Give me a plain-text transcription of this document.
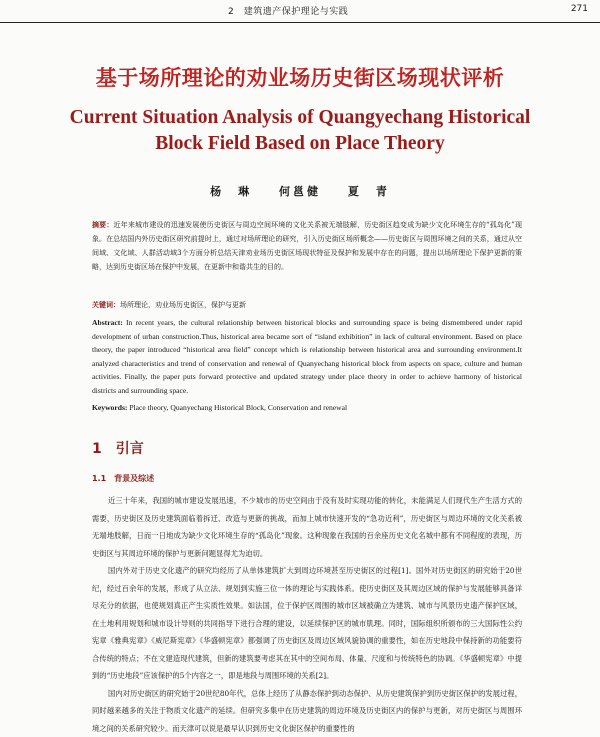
2　建筑遗产保护理论与实践	271
基于场所理论的劝业场历史街区场现状评析
Current Situation Analysis of Quangyechang Historical
Block Field Based on Place Theory
杨　琳 何邕健 夏　青
摘要：近年来城市建设的迅速发展使历史街区与周边空间环境的文化关系被无端肢解，历史街区趋变成为缺少文化环境生存的“孤岛化”现象。在总结国内外历史街区研究前提时上，通过对场所理论的研究，引入历史街区场所概念——历史街区与周围环境之间的关系，通过从空间域、文化域、人群活动域3个方面分析总结天津劝业场历史街区场现状特征及保护和发展中存在的问题，提出以场所理论下保护更新的策略，达到历史街区场在保护中发展，在更新中和谐共生的目的。
关键词：场所理论，劝业场历史街区，保护与更新
Abstract: In recent years, the cultural relationship between historical blocks and surrounding space is being dismembered under rapid development of urban construction.Thus, historical area became sort of “island exhibition” in lack of cultural environment. Based on place theory, the paper introduced “historical area field” concept which is relationship between historical area and surrounding environment.It analyzed characteristics and trend of conservation and renewal of Quanyechang historical block from aspects on space, culture and human activities. Finally, the paper puts forward protective and updated strategy under place theory in order to achieve harmony of historical districts and surrounding space.
Keywords: Place theory, Quanyechang Historical Block, Conservation and renewal
1 引言
1.1 背景及综述

近三十年来，我国的城市建设发展迅速，不少城市的历史空间由于没有及时实现功能的转化，未能满足人们现代生产生活方式的需要，历史街区及历史建筑面临着拆迁、改造与更新的挑战，而加上城市快速开发的“急功近利”，历史街区与周边环境的文化关系被无端地肢解，日而一日地成为缺少文化环境生存的“孤岛化”现象。这种现象在我国的百余座历史文化名城中都有不同程度的表现，历史街区与其周边环境的保护与更新问题显得尤为迫切。

国内外对于历史文化遗产的研究均经历了从单体建筑扩大到周边环境甚至历史街区的过程[1]。国外对历史街区的研究始于20世纪，经过百余年的发展，形成了从立法、规划到实施三位一体的理论与实践体系。使历史街区及其周边区域的保护与发展能够具备详尽充分的依据，也使规划真正产生实质性效果。如法国，位于保护区周围的城市区域被确立为建筑、城市与风景历史遗产保护区域，在土地利用规划和城市设计导则的共同指导下进行合理的建设，以延续保护区的城市肌理。同时，国际组织所颁布的三大国际性公约宪章《雅典宪章》《威尼斯宪章》《华盛顿宪章》都强调了历史街区及周边区域风貌协调的重要性，如在历史地段中保持新的功能要符合传统的特点；不在文建造现代建筑，但新的建筑要考虑其在其中的空间布局、体量、尺度和与传统特色的协调。《华盛顿宪章》中提到的“历史地段”应该保护的5个内容之一，即是地段与周围环境的关系[2]。

国内对历史街区的研究始于20世纪80年代，总体上经历了从静态保护到动态保护、从历史建筑保护到历史街区保护的发展过程，同时越来越多的关注于物质文化遗产的延续。但研究多集中在历史建筑的周边环境及历史街区内的保护与更新，对历史街区与周围环境之间的关系研究较少。而天津可以说是最早认识到历史文化街区保护的重要性的
